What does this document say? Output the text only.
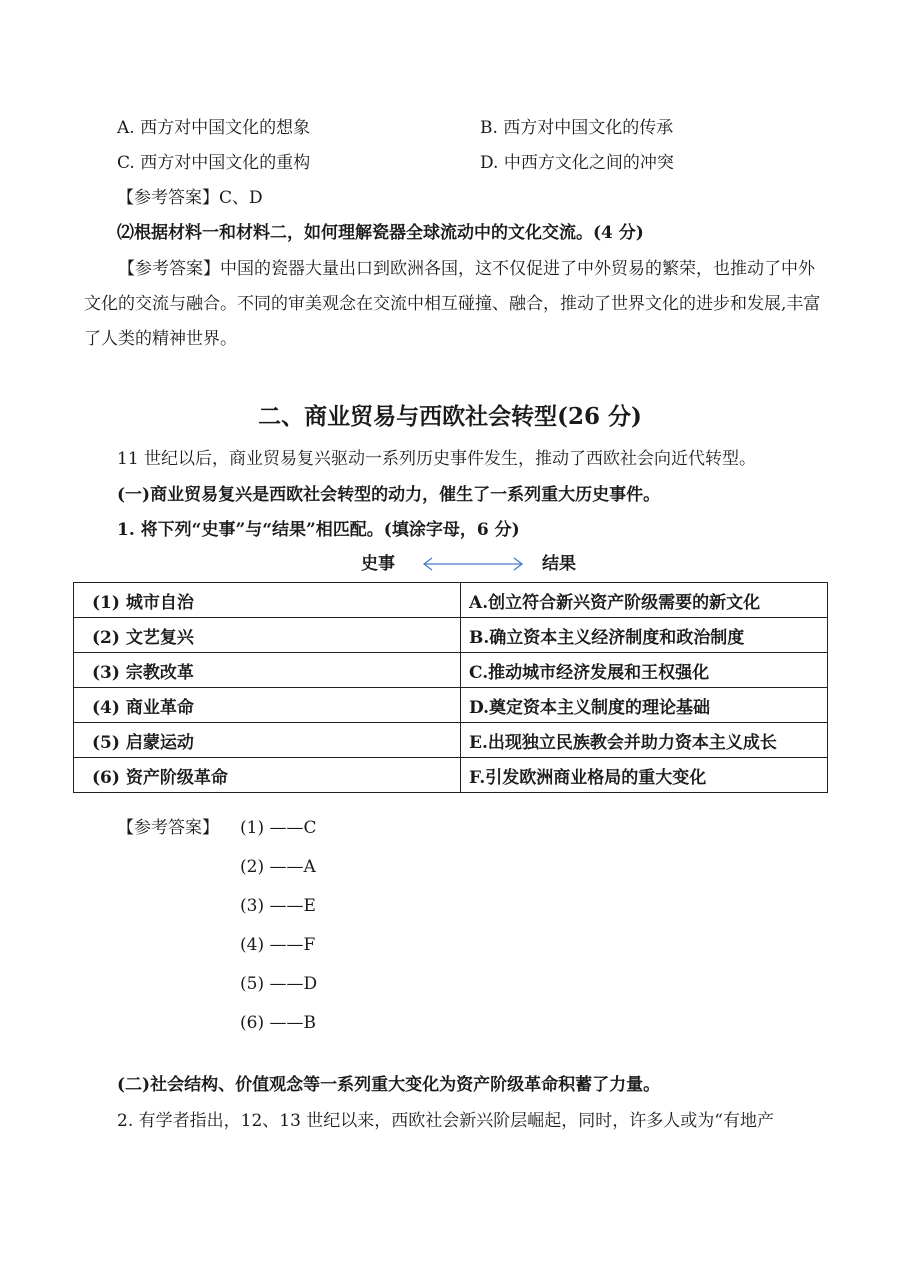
A. 西方对中国文化的想象	B. 西方对中国文化的传承
C. 西方对中国文化的重构	D. 中西方文化之间的冲突
【参考答案】C、D
⑵根据材料一和材料二，如何理解瓷器全球流动中的文化交流。(4 分)
【参考答案】中国的瓷器大量出口到欧洲各国，这不仅促进了中外贸易的繁荣，也推动了中外文化的交流与融合。不同的审美观念在交流中相互碰撞、融合，推动了世界文化的进步和发展,丰富了人类的精神世界。
二、商业贸易与西欧社会转型(26 分)
11 世纪以后，商业贸易复兴驱动一系列历史事件发生，推动了西欧社会向近代转型。
(一)商业贸易复兴是西欧社会转型的动力，催生了一系列重大历史事件。
1. 将下列“史事”与“结果”相匹配。(填涂字母，6 分)
史事	结果
(1) 城市自治	A.创立符合新兴资产阶级需要的新文化
(2) 文艺复兴	B.确立资本主义经济制度和政治制度
(3) 宗教改革	C.推动城市经济发展和王权强化
(4) 商业革命	D.奠定资本主义制度的理论基础
(5) 启蒙运动	E.出现独立民族教会并助力资本主义成长
(6) 资产阶级革命	F.引发欧洲商业格局的重大变化
【参考答案】 (1) ——C
(2) ——A
(3) ——E
(4) ——F
(5) ——D
(6) ——B
(二)社会结构、价值观念等一系列重大变化为资产阶级革命积蓄了力量。
2. 有学者指出，12、13 世纪以来，西欧社会新兴阶层崛起，同时，许多人或为“有地产
